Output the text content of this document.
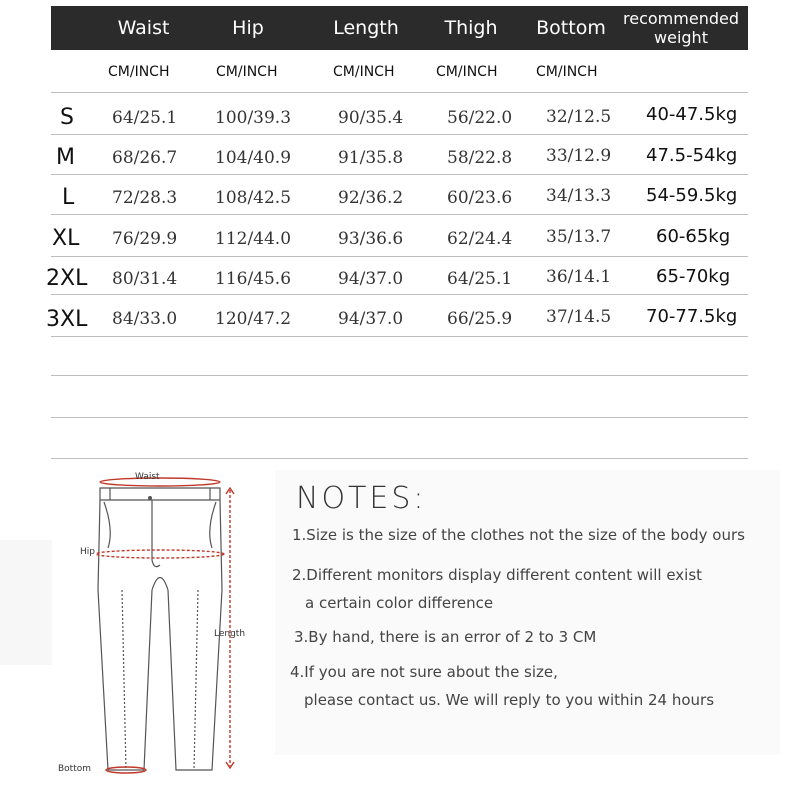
Waist	Hip	Length	Thigh	Bottom	recommended
weight
CM/INCH	CM/INCH	CM/INCH	CM/INCH	CM/INCH
S 64/25.1 100/39.3	90/35.4	56/22.0 32/12.5 40-47.5kg
M 68/26.7 104/40.9	91/35.8	58/22.8 33/12.9 47.5-54kg
L 72/28.3 108/42.5	92/36.2	60/23.6 34/13.3 54-59.5kg
XL 76/29.9 112/44.0	93/36.6	62/24.4 35/13.7 60-65kg
2XL 80/31.4 116/45.6	94/37.0	64/25.1 36/14.1 65-70kg
3XL 84/33.0 120/47.2	94/37.0	66/25.9 37/14.5 70-77.5kg
Waist
Hip
Length
Bottom
NOTES:
1.Size is the size of the clothes not the size of the body ours
2.Different monitors display different content will exist
a certain color difference
3.By hand, there is an error of 2 to 3 CM
4.If you are not sure about the size,
please contact us. We will reply to you within 24 hours
